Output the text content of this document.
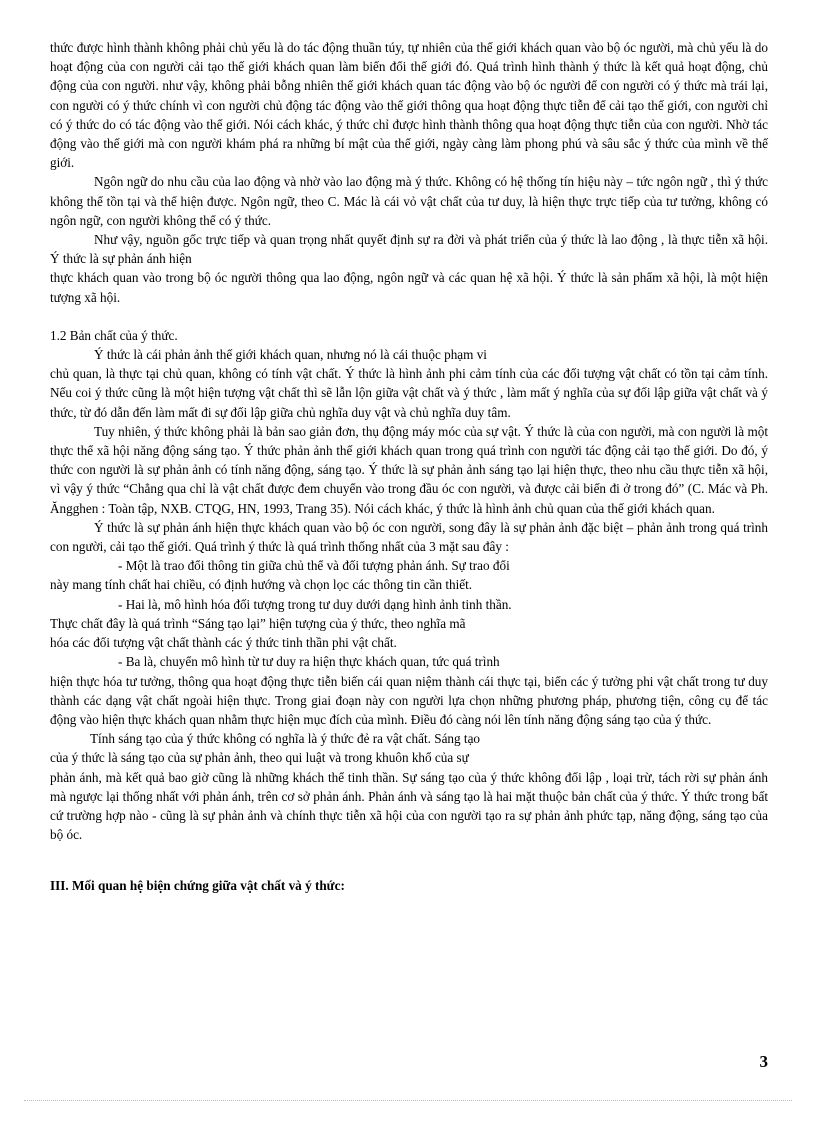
thức được hình thành không phải chủ yếu là do tác động thuần túy, tự nhiên của thế giới khách quan vào bộ óc người, mà chủ yếu là do hoạt động của con người cải tạo thế giới khách quan làm biến đổi thế giới đó. Quá trình hình thành ý thức là kết quả hoạt động, chủ động của con người. như vậy, không phải bỗng nhiên thế giới khách quan tác động vào bộ óc người để con người có ý thức mà trái lại, con người có ý thức chính vì con người chủ động tác động vào thế giới thông qua hoạt động thực tiễn để cải tạo thế giới, con người chỉ có ý thức do có tác động vào thế giới. Nói cách khác, ý thức chỉ được hình thành thông qua hoạt động thực tiễn của con người. Nhờ tác động vào thế giới mà con người khám phá ra những bí mật của thế giới, ngày càng làm phong phú và sâu sắc ý thức của mình về thế giới.

Ngôn ngữ do nhu cầu của lao động và nhờ vào lao động mà ý thức. Không có hệ thống tín hiệu này – tức ngôn ngữ , thì ý thức không thể tồn tại và thể hiện được. Ngôn ngữ, theo C. Mác là cái vỏ vật chất của tư duy, là hiện thực trực tiếp của tư tưởng, không có ngôn ngữ, con người không thể có ý thức.

Như vậy, nguồn gốc trực tiếp và quan trọng nhất quyết định sự ra đời và phát triển của ý thức là lao động , là thực tiễn xã hội. Ý thức là sự phản ánh hiện

thực khách quan vào trong bộ óc người thông qua lao động, ngôn ngữ và các quan hệ xã hội. Ý thức là sản phẩm xã hội, là một hiện tượng xã hội.

1.2 Bản chất của ý thức.

Ý thức là cái phản ảnh thế giới khách quan, nhưng nó là cái thuộc phạm vi

chủ quan, là thực tại chủ quan, không có tính vật chất. Ý thức là hình ảnh phi cảm tính của các đối tượng vật chất có tồn tại cảm tính. Nếu coi ý thức cũng là một hiện tượng vật chất thì sẽ lẫn lộn giữa vật chất và ý thức , làm mất ý nghĩa của sự đối lập giữa vật chất và ý thức, từ đó dẫn đến làm mất đi sự đối lập giữa chủ nghĩa duy vật và chủ nghĩa duy tâm.

Tuy nhiên, ý thức không phải là bản sao giản đơn, thụ động máy móc của sự vật. Ý thức là của con người, mà con người là một thực thể xã hội năng động sáng tạo. Ý thức phản ảnh thế giới khách quan trong quá trình con người tác động cải tạo thế giới. Do đó, ý thức con người là sự phản ảnh có tính năng động, sáng tạo. Ý thức là sự phản ảnh sáng tạo lại hiện thực, theo nhu cầu thực tiễn xã hội, vì vậy ý thức “Chẳng qua chỉ là vật chất được đem chuyển vào trong đầu óc con người, và được cải biến đi ở trong đó” (C. Mác và Ph. Ăngghen : Toàn tập, NXB. CTQG, HN, 1993, Trang 35). Nói cách khác, ý thức là hình ảnh chủ quan của thế giới khách quan.

Ý thức là sự phản ánh hiện thực khách quan vào bộ óc con người, song đây là sự phản ảnh đặc biệt – phản ảnh trong quá trình con người, cải tạo thế giới. Quá trình ý thức là quá trình thống nhất của 3 mặt sau đây :

- Một là trao đổi thông tin giữa chủ thể và đối tượng phản ánh. Sự trao đổi

này mang tính chất hai chiều, có định hướng và chọn lọc các thông tin cần thiết.

- Hai là, mô hình hóa đối tượng trong tư duy dưới dạng hình ảnh tinh thần.

Thực chất đây là quá trình “Sáng tạo lại” hiện tượng của ý thức, theo nghĩa mã

hóa các đối tượng vật chất thành các ý thức tinh thần phi vật chất.

- Ba là, chuyển mô hình từ tư duy ra hiện thực khách quan, tức quá trình

hiện thực hóa tư tưởng, thông qua hoạt động thực tiễn biến cái quan niệm thành cái thực tại, biến các ý tưởng phi vật chất trong tư duy thành các dạng vật chất ngoài hiện thực. Trong giai đoạn này con người lựa chọn những phương pháp, phương tiện, công cụ để tác động vào hiện thực khách quan nhằm thực hiện mục đích của mình. Điều đó càng nói lên tính năng động sáng tạo của ý thức.

Tính sáng tạo của ý thức không có nghĩa là ý thức đẻ ra vật chất. Sáng tạo

của ý thức là sáng tạo của sự phản ảnh, theo qui luật và trong khuôn khổ của sự

phản ánh, mà kết quả bao giờ cũng là những khách thể tinh thần. Sự sáng tạo của ý thức không đối lập , loại trừ, tách rời sự phản ánh mà ngược lại thống nhất với phản ánh, trên cơ sở phản ánh. Phản ánh và sáng tạo là hai mặt thuộc bản chất của ý thức. Ý thức trong bất cứ trường hợp nào - cũng là sự phản ảnh và chính thực tiễn xã hội của con người tạo ra sự phản ảnh phức tạp, năng động, sáng tạo của bộ óc.

III. Mối quan hệ biện chứng giữa vật chất và ý thức:

3
